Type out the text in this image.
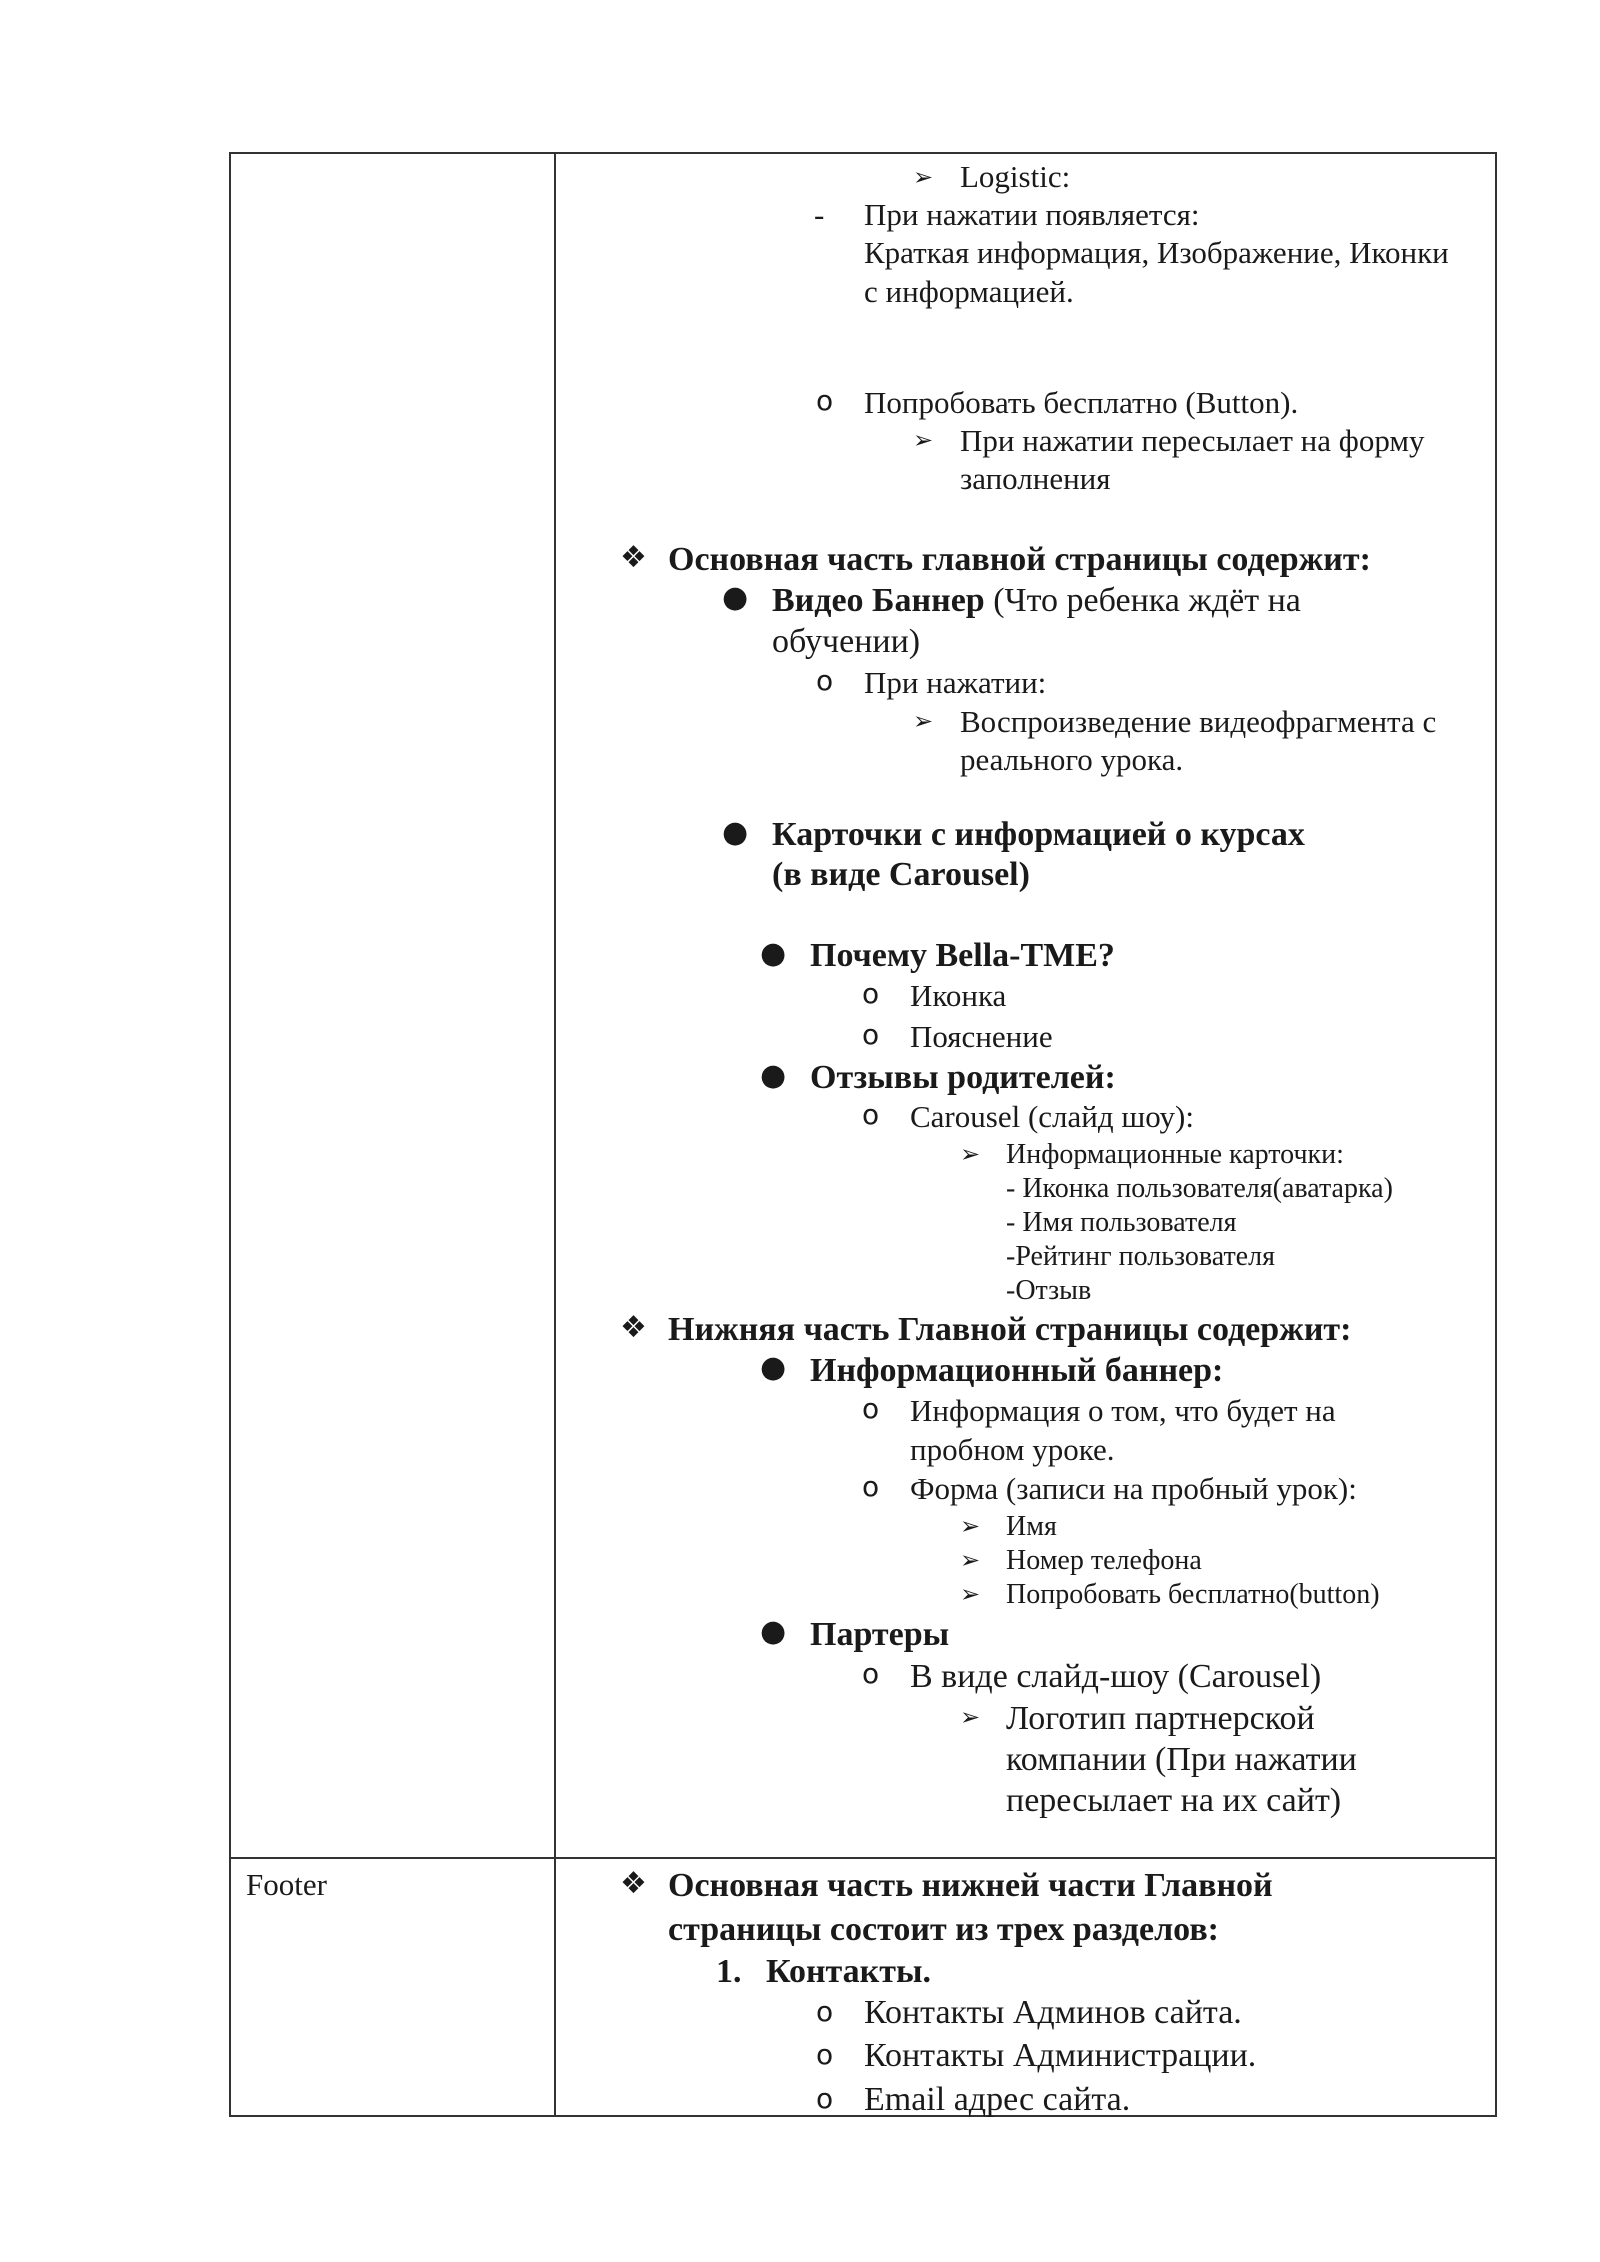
Footer
➢ Logistic:
- При нажатии появляется:
Краткая информация, Изображение, Иконки
с информацией.
o Попробовать бесплатно (Button).
➢ При нажатии пересылает на форму
заполнения
❖ Основная часть главной страницы содержит:
● Видео Баннер (Что ребенка ждёт на
обучении)
o При нажатии:
➢ Воспроизведение видеофрагмента с
реального урока.
● Карточки с информацией о курсах
(в виде Carousel)
● Почему Bella-TME?
o Иконка
o Пояснение
● Отзывы родителей:
o Carousel (слайд шоу):
➢ Информационные карточки:
- Иконка пользователя(аватарка)
- Имя пользователя
-Рейтинг пользователя
-Отзыв
❖ Нижняя часть Главной страницы содержит:
● Информационный баннер:
o Информация о том, что будет на
пробном уроке.
o Форма (записи на пробный урок):
➢ Имя
➢ Номер телефона
➢ Попробовать бесплатно(button)
● Партеры
o В виде слайд-шоу (Carousel)
➢ Логотип партнерской
компании (При нажатии
пересылает на их сайт)
❖ Основная часть нижней части Главной
страницы состоит из трех разделов:
1. Контакты.
o Контакты Админов сайта.
o Контакты Администрации.
o Email адрес сайта.
